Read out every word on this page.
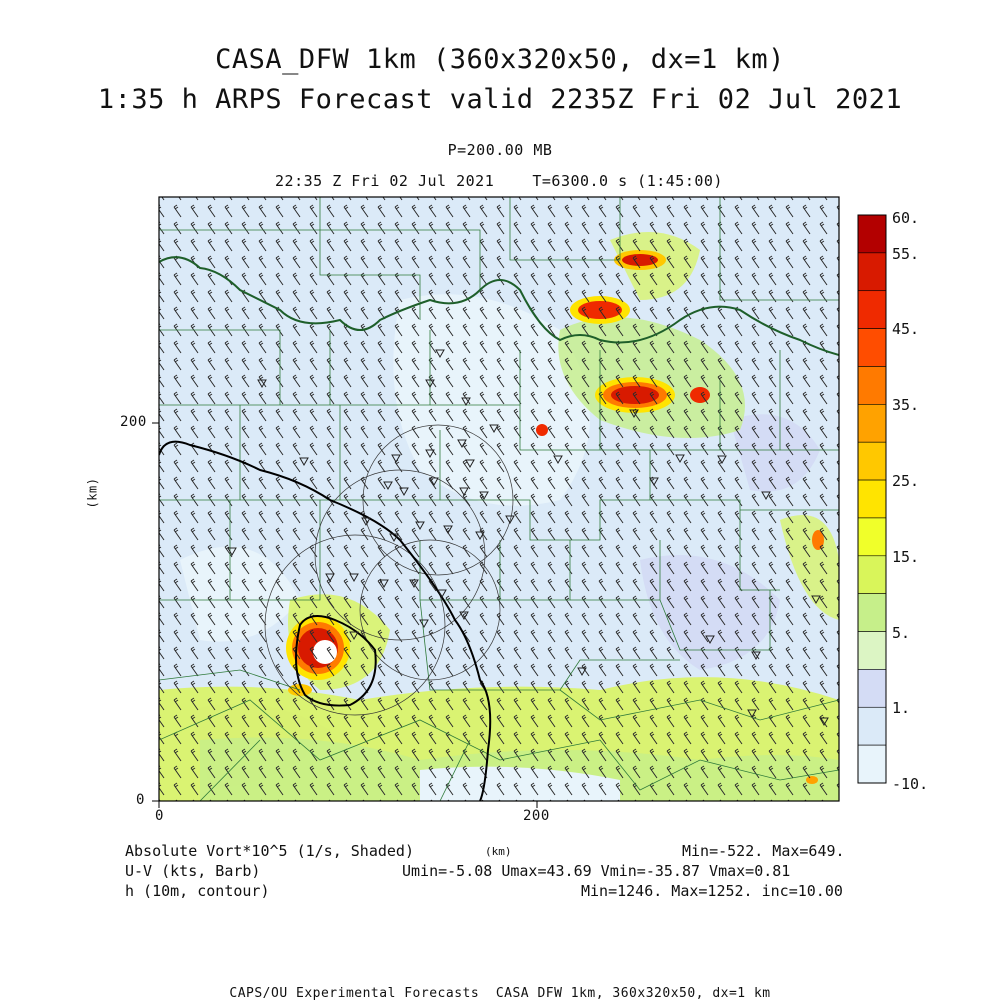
CASA_DFW 1km (360x320x50, dx=1 km)
1:35 h ARPS Forecast valid 2235Z Fri 02 Jul 2021
P=200.00 MB
22:35 Z Fri 02 Jul 2021    T=6300.0 s (1:45:00)
0	200
0
200
(km)
60.
55.
45.
35.
25.
15.
5.
1.
-10.
Absolute Vort*10^5 (1/s, Shaded)
U-V (kts, Barb)
h (10m, contour)
(km)	Min=-522. Max=649.
Umin=-5.08 Umax=43.69 Vmin=-35.87 Vmax=0.81
Min=1246. Max=1252. inc=10.00
CAPS/OU Experimental Forecasts  CASA DFW 1km, 360x320x50, dx=1 km
